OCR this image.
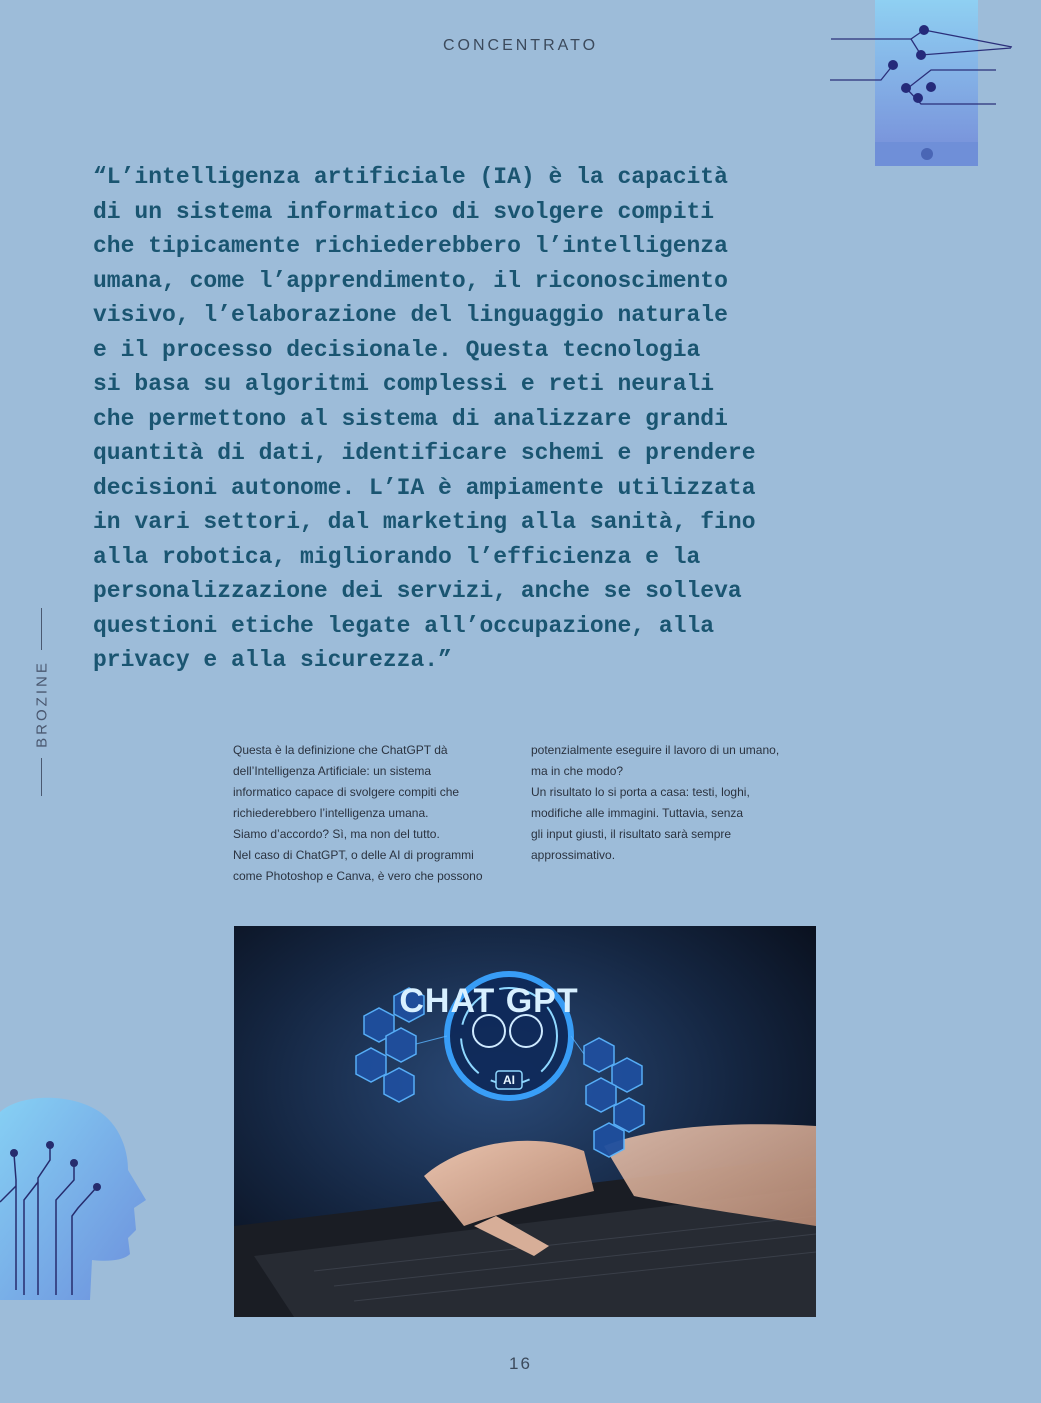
CONCENTRATO
BROZINE

“L’intelligenza artificiale (IA) è la capacità
di un sistema informatico di svolgere compiti
che tipicamente richiederebbero l’intelligenza
umana, come l’apprendimento, il riconoscimento
visivo, l’elaborazione del linguaggio naturale
e il processo decisionale. Questa tecnologia
si basa su algoritmi complessi e reti neurali
che permettono al sistema di analizzare grandi
quantità di dati, identificare schemi e prendere
decisioni autonome. L’IA è ampiamente utilizzata
in vari settori, dal marketing alla sanità, fino
alla robotica, migliorando l’efficienza e la
personalizzazione dei servizi, anche se solleva
questioni etiche legate all’occupazione, alla
privacy e alla sicurezza.”

Questa è la definizione che ChatGPT dà

dell’Intelligenza Artificiale: un sistema

informatico capace di svolgere compiti che

richiederebbero l’intelligenza umana.

Siamo d’accordo? Sì, ma non del tutto.

Nel caso di ChatGPT, o delle AI di programmi

come Photoshop e Canva, è vero che possono

potenzialmente eseguire il lavoro di un umano,

ma in che modo?

Un risultato lo si porta a casa: testi, loghi,

modifiche alle immagini. Tuttavia, senza

gli input giusti, il risultato sarà sempre

approssimativo.

AI
CHAT GPT
16
